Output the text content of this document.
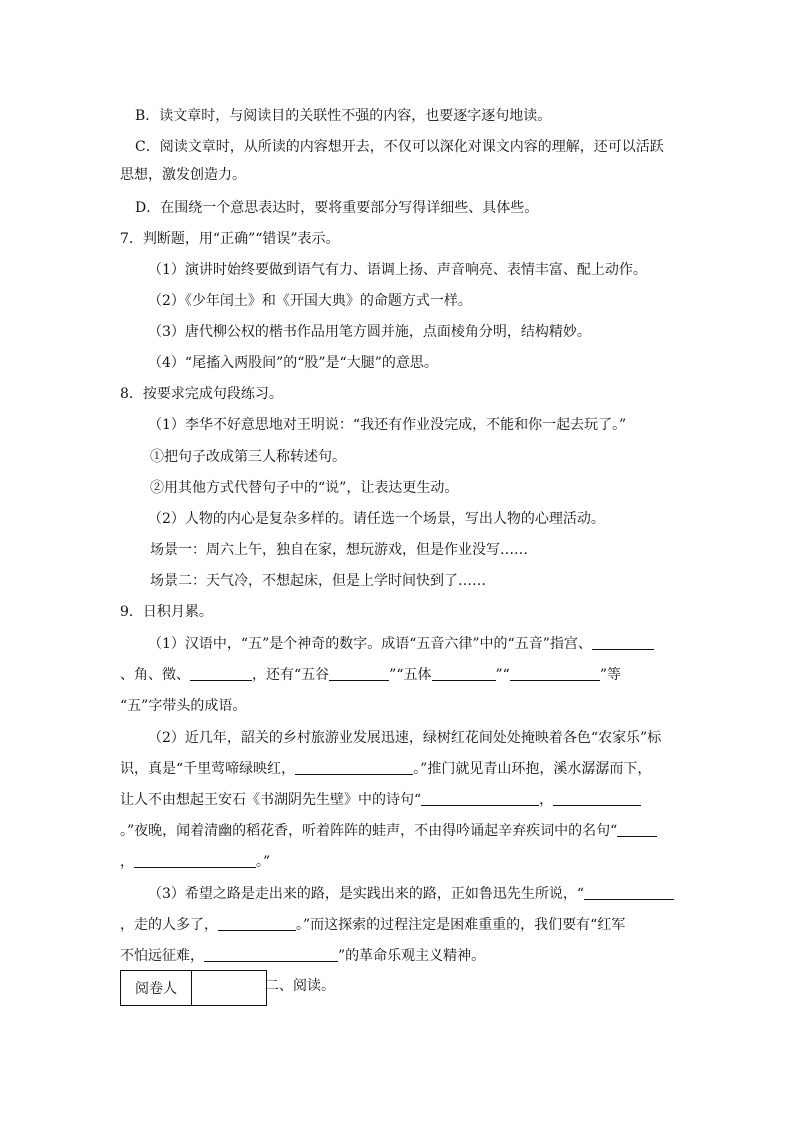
B．读文章时，与阅读目的关联性不强的内容，也要逐字逐句地读。
C．阅读文章时，从所读的内容想开去，不仅可以深化对课文内容的理解，还可以活跃
思想，激发创造力。
D．在围绕一个意思表达时，要将重要部分写得详细些、具体些。
7．判断题，用“正确”“错误”表示。
（1）演讲时始终要做到语气有力、语调上扬、声音响亮、表情丰富、配上动作。
（2）《少年闰土》和《开国大典》的命题方式一样。
（3）唐代柳公权的楷书作品用笔方圆并施，点面棱角分明，结构精妙。
（4）“尾搐入两股间”的“股”是“大腿”的意思。
8．按要求完成句段练习。
（1）李华不好意思地对王明说：“我还有作业没完成，不能和你一起去玩了。”
①把句子改成第三人称转述句。
②用其他方式代替句子中的“说”，让表达更生动。
（2）人物的内心是复杂多样的。请任选一个场景，写出人物的心理活动。
场景一：周六上午，独自在家，想玩游戏，但是作业没写……
场景二：天气冷，不想起床，但是上学时间快到了……
9．日积月累。
（1）汉语中，“五”是个神奇的数字。成语“五音六律”中的“五音”指宫、
、角、徵、	，还有“五谷	”“五体	”“	”等
“五”字带头的成语。
（2）近几年，韶关的乡村旅游业发展迅速，绿树红花间处处掩映着各色“农家乐”标
识，真是“千里莺啼绿映红，	。”推门就见青山环抱，溪水潺潺而下，
让人不由想起王安石《书湖阴先生壁》中的诗句“	，
。”夜晚，闻着清幽的稻花香，听着阵阵的蛙声，不由得吟诵起辛弃疾词中的名句“
，	。”
（3）希望之路是走出来的路，是实践出来的路，正如鲁迅先生所说，“
，走的人多了，	。”而这探索的过程注定是困难重重的，我们要有“红军
不怕远征难，	”的革命乐观主义精神。
阅卷人		二、阅读。
